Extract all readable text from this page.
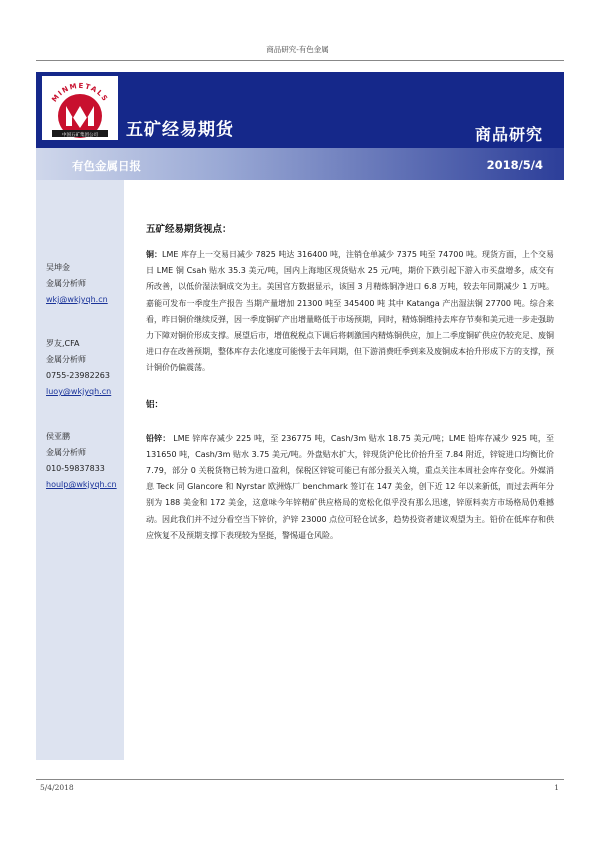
商品研究-有色金属
MINMETALS
中国五矿集团公司 五矿经易期货	商品研究
有色金属日报	2018/5/4
吴坤金
金属分析师
wkj@wkjyqh.cn
罗友,CFA
金属分析师
0755-23982263
luoy@wkjyqh.cn
侯亚鹏
金属分析师
010-59837833
houlp@wkjyqh.cn
五矿经易期货视点：

铜：LME 库存上一交易日减少 7825 吨达 316400 吨，注销仓单减少 7375 吨至 74700 吨。现货方面，上个交易日 LME 铜 Csah 贴水 35.3 美元/吨，国内上海地区现货贴水 25 元/吨，期价下跌引起下游入市买盘增多，成交有所改善，以低价湿法铜成交为主。美国官方数据显示，该国 3 月精炼铜净进口 6.8 万吨，较去年同期减少 1 万吨。嘉能可发布一季度生产报告 当期产量增加 21300 吨至 345400 吨 其中 Katanga 产出湿法铜 27700 吨。综合来看，昨日铜价继续反弹，因一季度铜矿产出增量略低于市场预期，同时，精炼铜维持去库存节奏和美元进一步走强助力下障对铜价形成支撑。展望后市，增值税税点下调后将刺激国内精炼铜供应，加上二季度铜矿供应仍较充足、废铜进口存在改善预期，整体库存去化速度可能慢于去年同期，但下游消费旺季到来及废铜成本抬升形成下方的支撑，预计铜价仍偏震荡。

铝：

铅锌： LME 锌库存减少 225 吨，至 236775 吨，Cash/3m 贴水 18.75 美元/吨；LME 铅库存减少 925 吨，至 131650 吨，Cash/3m 贴水 3.75 美元/吨。外盘贴水扩大，锌现货沪伦比价抬升至 7.84 附近，锌锭进口均衡比价 7.79，部分 0 关税货物已转为进口盈利，保税区锌锭可能已有部分报关入境，重点关注本周社会库存变化。外媒消息 Teck 同 Glancore 和 Nyrstar 欧洲炼厂 benchmark 签订在 147 美金，创下近 12 年以来新低，而过去两年分别为 188 美金和 172 美金，这意味今年锌精矿供应格局的宽松化似乎没有那么迅速，锌原料卖方市场格局仍难撼动。因此我们并不过分看空当下锌价，沪锌 23000 点位可轻仓试多，趋势投资者建议观望为主。铅价在低库存和供应恢复不及预期支撑下表现较为坚挺，警惕逼仓风险。

5/4/2018	1
